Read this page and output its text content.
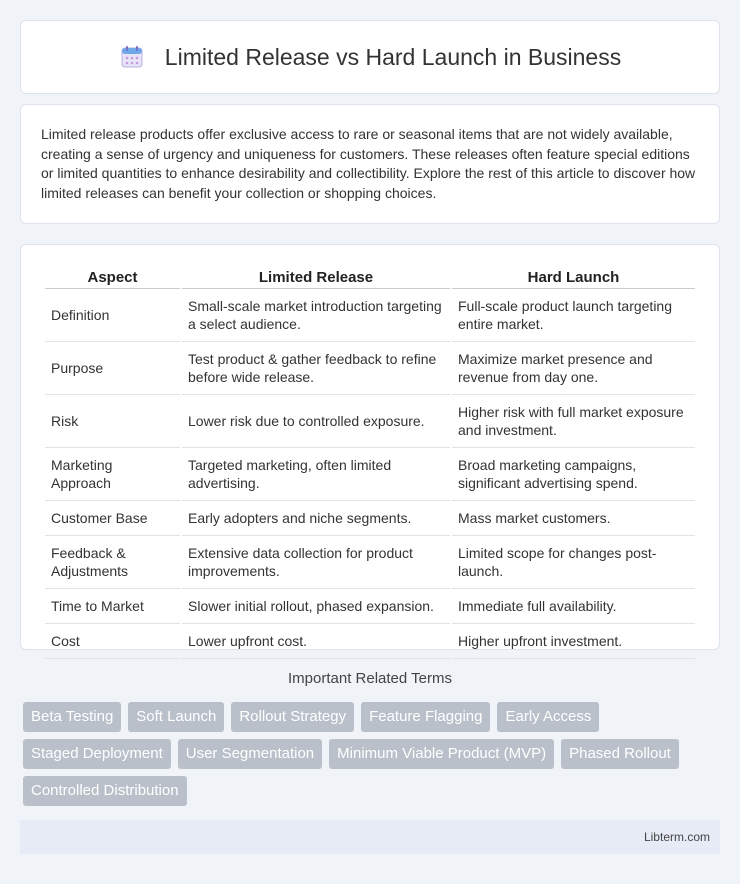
Limited Release vs Hard Launch in Business

Limited release products offer exclusive access to rare or seasonal items that are not widely available, creating a sense of urgency and uniqueness for customers. These releases often feature special editions or limited quantities to enhance desirability and collectibility. Explore the rest of this article to discover how limited releases can benefit your collection or shopping choices.

Aspect	Limited Release	Hard Launch
Definition	Small-scale market introduction targeting a select audience.	Full-scale product launch targeting entire market.
Purpose	Test product & gather feedback to refine before wide release.	Maximize market presence and revenue from day one.
Risk	Lower risk due to controlled exposure.	Higher risk with full market exposure and investment.
Marketing Approach	Targeted marketing, often limited advertising.	Broad marketing campaigns, significant advertising spend.
Customer Base	Early adopters and niche segments.	Mass market customers.
Feedback & Adjustments	Extensive data collection for product improvements.	Limited scope for changes post-launch.
Time to Market	Slower initial rollout, phased expansion.	Immediate full availability.
Cost	Lower upfront cost.	Higher upfront investment.
Important Related Terms
Beta Testing	Soft Launch	Rollout Strategy	Feature Flagging	Early Access
Staged Deployment	User Segmentation	Minimum Viable Product (MVP)	Phased Rollout
Controlled Distribution
Libterm.com
